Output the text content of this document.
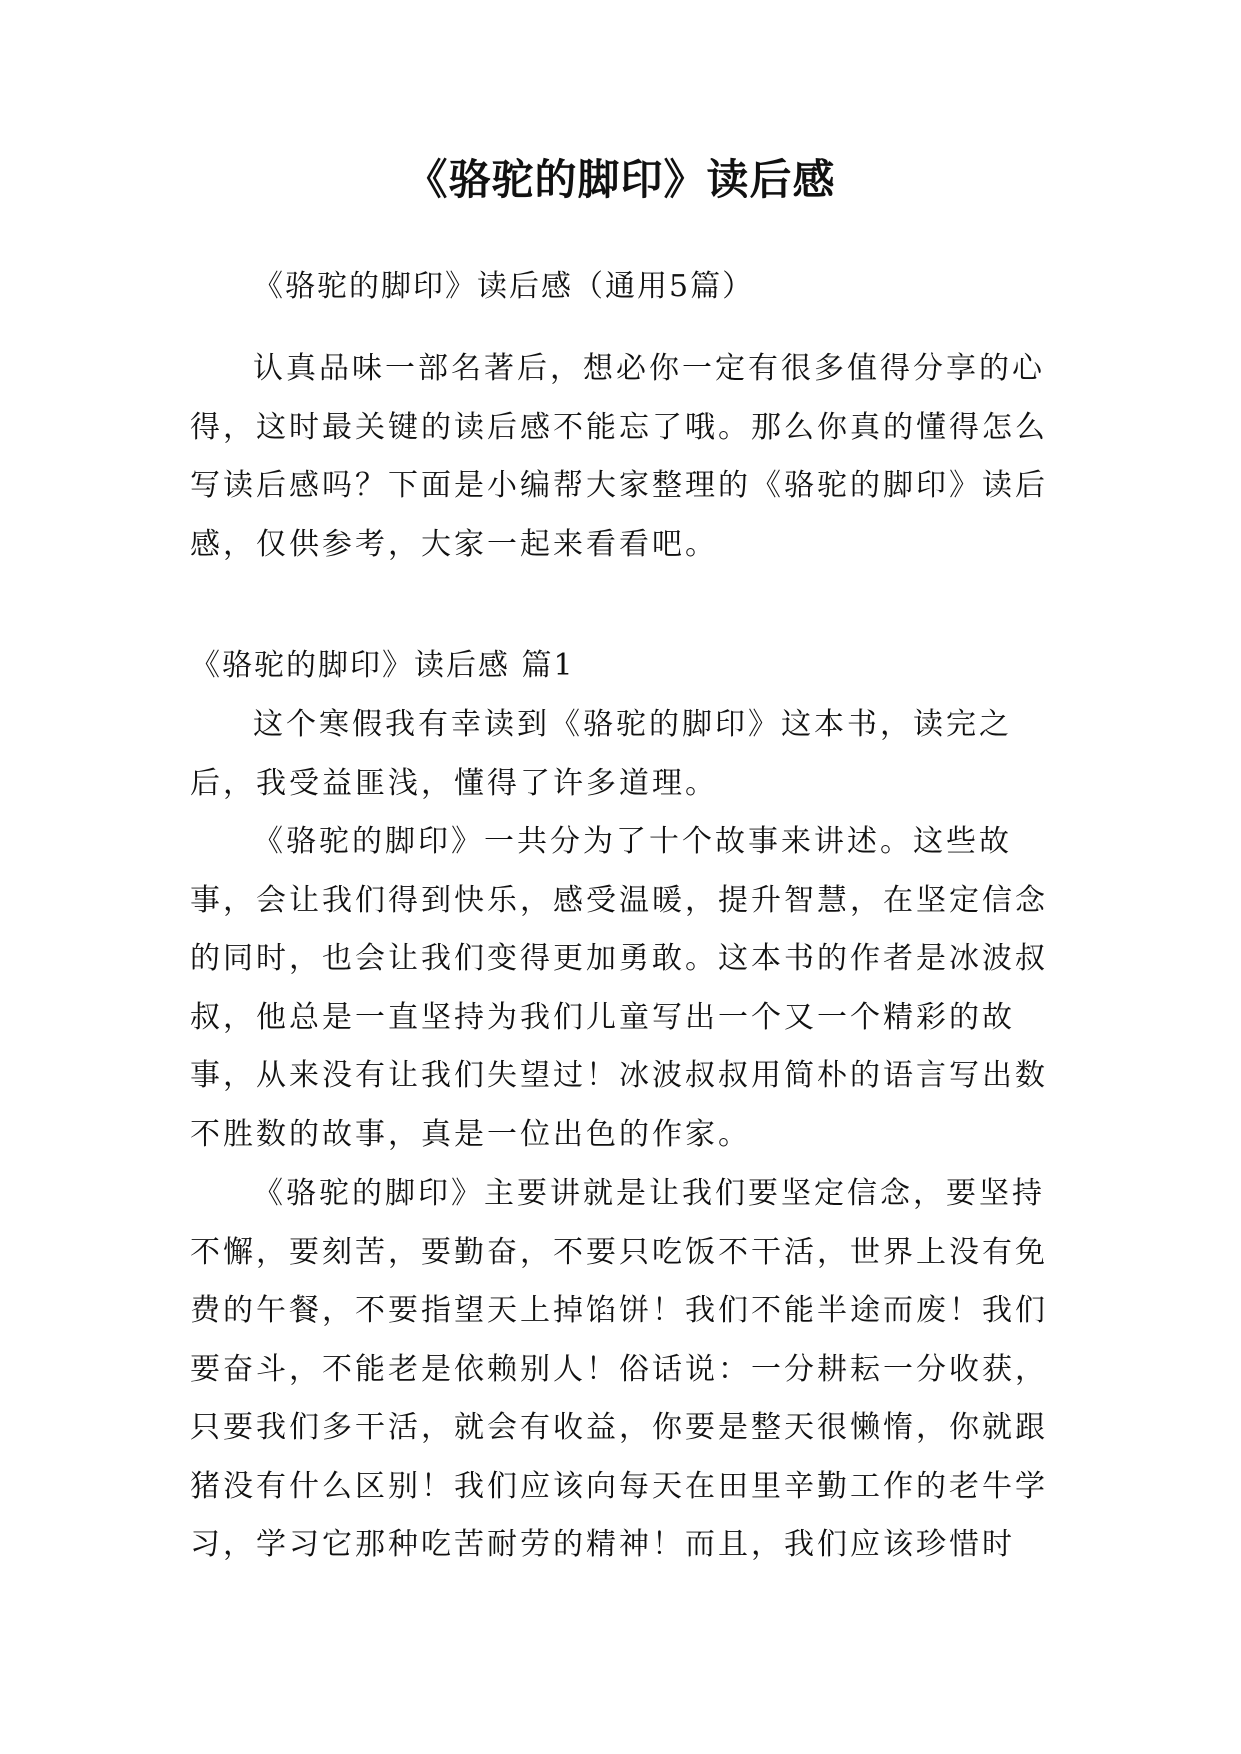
《骆驼的脚印》读后感
《骆驼的脚印》读后感（通用5篇）

认真品味一部名著后，想必你一定有很多值得分享的心得，这时最关键的读后感不能忘了哦。那么你真的懂得怎么写读后感吗？下面是小编帮大家整理的《骆驼的脚印》读后感，仅供参考，大家一起来看看吧。

《骆驼的脚印》读后感 篇1

这个寒假我有幸读到《骆驼的脚印》这本书，读完之后，我受益匪浅，懂得了许多道理。

《骆驼的脚印》一共分为了十个故事来讲述。这些故事，会让我们得到快乐，感受温暖，提升智慧，在坚定信念的同时，也会让我们变得更加勇敢。这本书的作者是冰波叔叔，他总是一直坚持为我们儿童写出一个又一个精彩的故事，从来没有让我们失望过！冰波叔叔用简朴的语言写出数不胜数的故事，真是一位出色的作家。

《骆驼的脚印》主要讲就是让我们要坚定信念，要坚持不懈，要刻苦，要勤奋，不要只吃饭不干活，世界上没有免费的午餐，不要指望天上掉馅饼！我们不能半途而废！我们要奋斗，不能老是依赖别人！俗话说：一分耕耘一分收获，只要我们多干活，就会有收益，你要是整天很懒惰，你就跟猪没有什么区别！我们应该向每天在田里辛勤工作的老牛学习，学习它那种吃苦耐劳的精神！而且，我们应该珍惜时
